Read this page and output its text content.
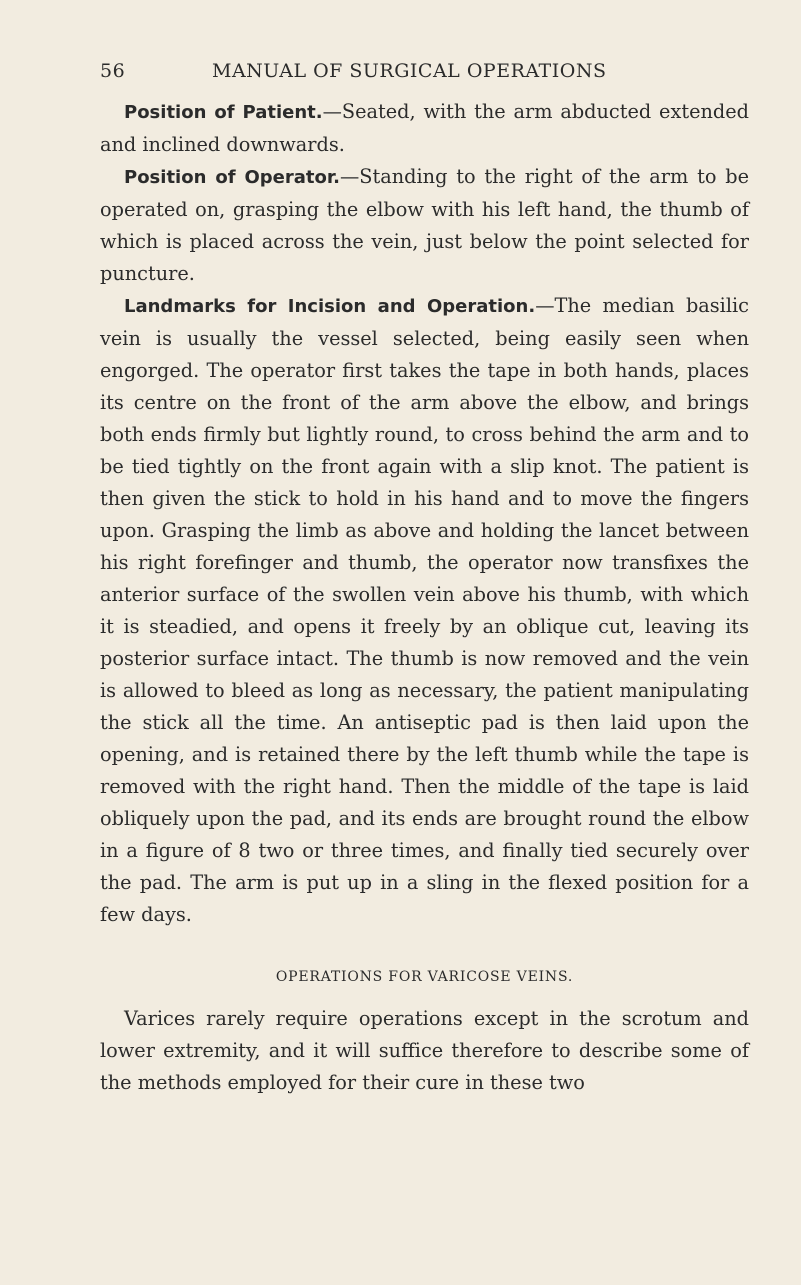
56	MANUAL OF SURGICAL OPERATIONS

Position of Patient.—Seated, with the arm abducted extended and inclined downwards.

Position of Operator.—Standing to the right of the arm to be operated on, grasping the elbow with his left hand, the thumb of which is placed across the vein, just below the point selected for puncture.

Landmarks for Incision and Operation.—The median basilic vein is usually the vessel selected, being easily seen when engorged. The operator first takes the tape in both hands, places its centre on the front of the arm above the elbow, and brings both ends firmly but lightly round, to cross behind the arm and to be tied tightly on the front again with a slip knot. The patient is then given the stick to hold in his hand and to move the fingers upon. Grasping the limb as above and holding the lancet between his right forefinger and thumb, the operator now transfixes the anterior surface of the swollen vein above his thumb, with which it is steadied, and opens it freely by an oblique cut, leaving its posterior surface intact. The thumb is now removed and the vein is allowed to bleed as long as necessary, the patient manipulating the stick all the time. An antiseptic pad is then laid upon the opening, and is retained there by the left thumb while the tape is removed with the right hand. Then the middle of the tape is laid obliquely upon the pad, and its ends are brought round the elbow in a figure of 8 two or three times, and finally tied securely over the pad. The arm is put up in a sling in the flexed position for a few days.

OPERATIONS FOR VARICOSE VEINS.

Varices rarely require operations except in the scrotum and lower extremity, and it will suffice therefore to describe some of the methods employed for their cure in these two
